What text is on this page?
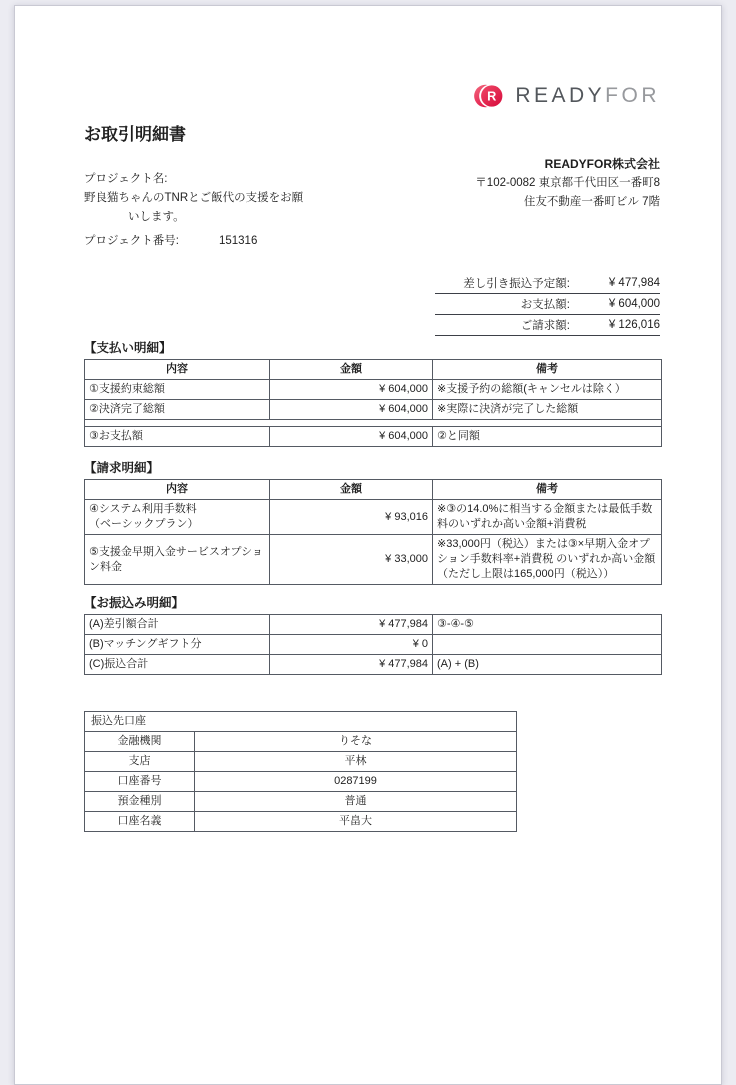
R READYFOR
お取引明細書
プロジェクト名:
野良猫ちゃんのTNRとご飯代の支援をお願
いします。
プロジェクト番号:	151316
READYFOR株式会社
〒102-0082 東京都千代田区一番町8
住友不動産一番町ビル 7階
差し引き振込予定額:	¥ 477,984
お支払額:	¥ 604,000
ご請求額:	¥ 126,016
【支払い明細】
内容	金額	備考
①支援約束総額	¥ 604,000	※支援予約の総額(キャンセルは除く）
②決済完了総額	¥ 604,000	※実際に決済が完了した総額

③お支払額	¥ 604,000	②と同額
【請求明細】
内容	金額	備考

④システム利用手数料
（ベーシックプラン）	¥ 93,016	※③の14.0%に相当する金額または最低手数料のいずれか高い金額+消費税
⑤支援金早期入金サービスオプション料金	¥ 33,000	※33,000円（税込）または③×早期入金オプション手数料率+消費税 のいずれか高い金額（ただし上限は165,000円（税込））
【お振込み明細】
(A)差引額合計	¥ 477,984	③-④-⑤
(B)マッチングギフト分	¥ 0	
(C)振込合計	¥ 477,984	(A) + (B)
振込先口座	
金融機関	りそな
支店	平林
口座番号	0287199
預金種別	普通
口座名義	平畠大
